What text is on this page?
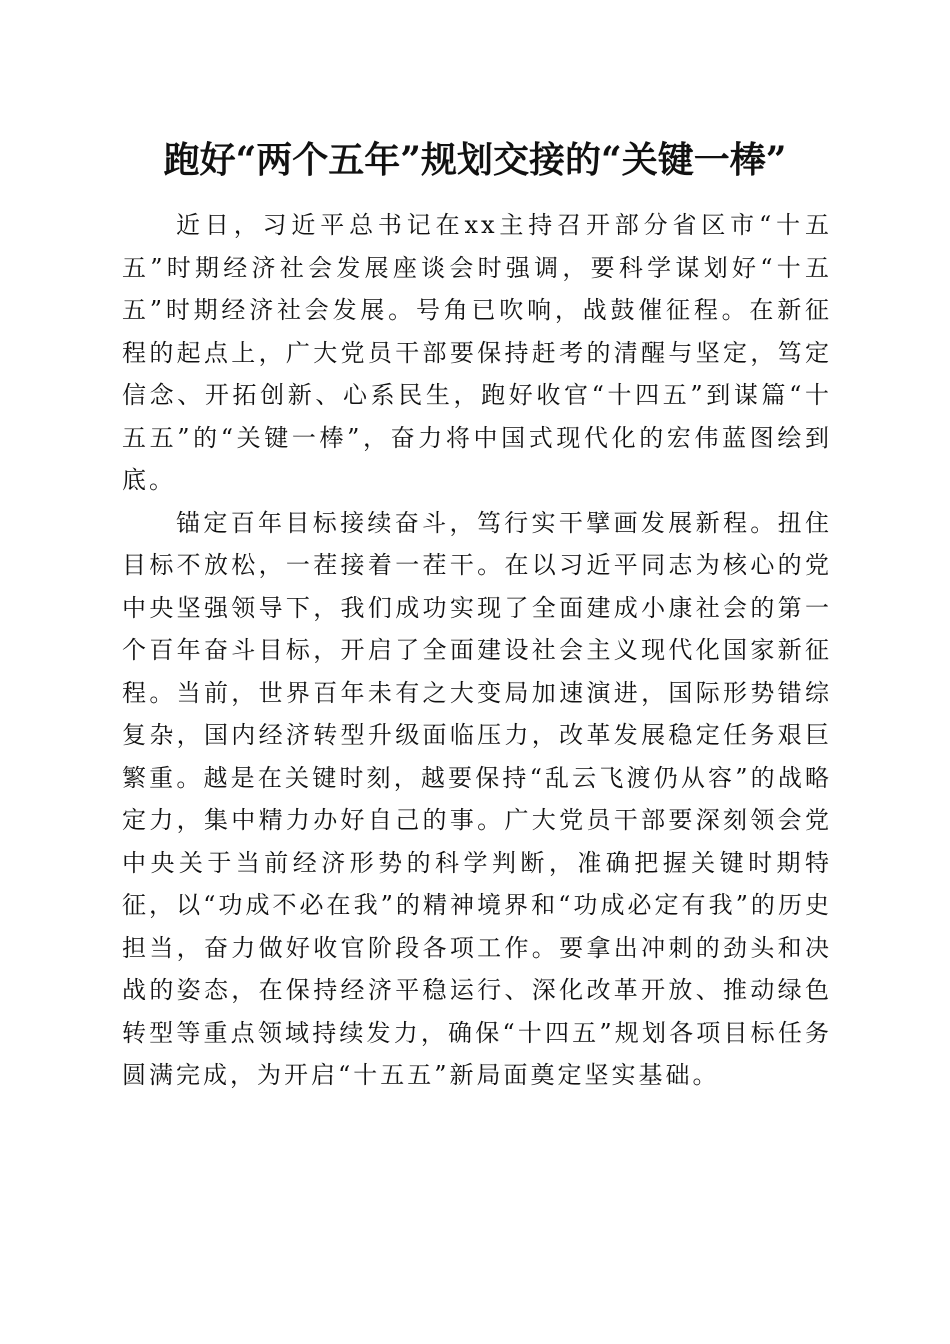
跑好“两个五年”规划交接的“关键一棒”

近日，习近平总书记在xx主持召开部分省区市“十五五”时期经济社会发展座谈会时强调，要科学谋划好“十五五”时期经济社会发展。号角已吹响，战鼓催征程。在新征程的起点上，广大党员干部要保持赶考的清醒与坚定，笃定信念、开拓创新、心系民生，跑好收官“十四五”到谋篇“十五五”的“关键一棒”，奋力将中国式现代化的宏伟蓝图绘到底。

锚定百年目标接续奋斗，笃行实干擘画发展新程。扭住目标不放松，一茬接着一茬干。在以习近平同志为核心的党中央坚强领导下，我们成功实现了全面建成小康社会的第一个百年奋斗目标，开启了全面建设社会主义现代化国家新征程。当前，世界百年未有之大变局加速演进，国际形势错综复杂，国内经济转型升级面临压力，改革发展稳定任务艰巨繁重。越是在关键时刻，越要保持“乱云飞渡仍从容”的战略定力，集中精力办好自己的事。广大党员干部要深刻领会党中央关于当前经济形势的科学判断，准确把握关键时期特征，以“功成不必在我”的精神境界和“功成必定有我”的历史担当，奋力做好收官阶段各项工作。要拿出冲刺的劲头和决战的姿态，在保持经济平稳运行、深化改革开放、推动绿色转型等重点领域持续发力，确保“十四五”规划各项目标任务圆满完成，为开启“十五五”新局面奠定坚实基础。
